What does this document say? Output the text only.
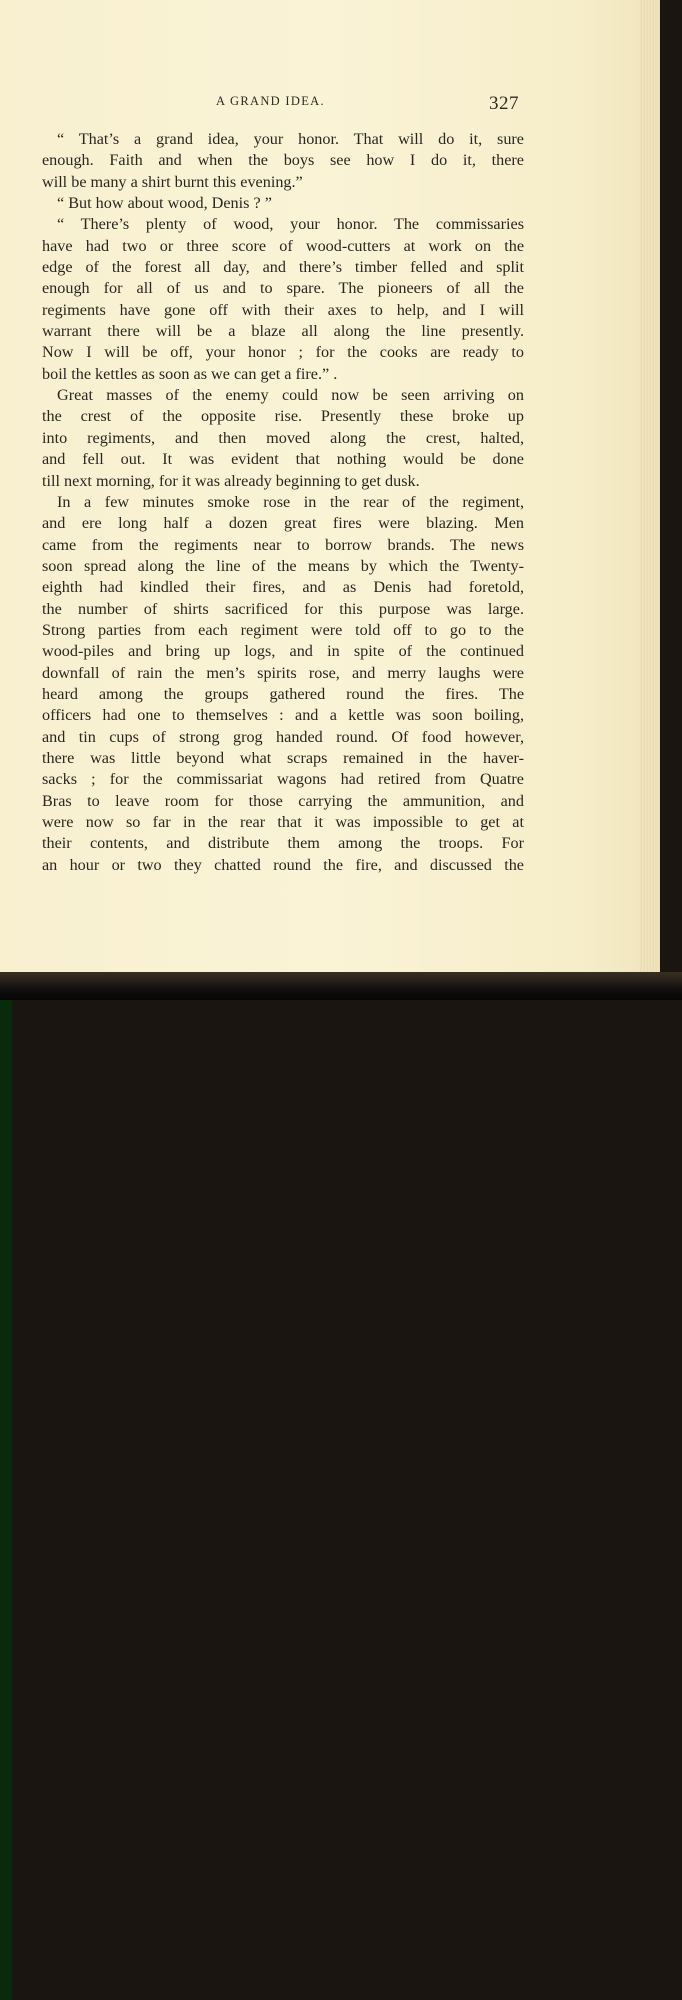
A GRAND IDEA.	327
“ That’s a grand idea, your honor. That will do it, sure
enough. Faith and when the boys see how I do it, there
will be many a shirt burnt this evening.”
“ But how about wood, Denis ? ”
“ There’s plenty of wood, your honor. The commissaries
have had two or three score of wood-cutters at work on the
edge of the forest all day, and there’s timber felled and split
enough for all of us and to spare. The pioneers of all the
regiments have gone off with their axes to help, and I will
warrant there will be a blaze all along the line presently.
Now I will be off, your honor ; for the cooks are ready to
boil the kettles as soon as we can get a fire.” .
Great masses of the enemy could now be seen arriving on
the crest of the opposite rise. Presently these broke up
into regiments, and then moved along the crest, halted,
and fell out. It was evident that nothing would be done
till next morning, for it was already beginning to get dusk.
In a few minutes smoke rose in the rear of the regiment,
and ere long half a dozen great fires were blazing. Men
came from the regiments near to borrow brands. The news
soon spread along the line of the means by which the Twenty-
eighth had kindled their fires, and as Denis had foretold,
the number of shirts sacrificed for this purpose was large.
Strong parties from each regiment were told off to go to the
wood-piles and bring up logs, and in spite of the continued
downfall of rain the men’s spirits rose, and merry laughs were
heard among the groups gathered round the fires. The
officers had one to themselves : and a kettle was soon boiling,
and tin cups of strong grog handed round. Of food however,
there was little beyond what scraps remained in the haver-
sacks ; for the commissariat wagons had retired from Quatre
Bras to leave room for those carrying the ammunition, and
were now so far in the rear that it was impossible to get at
their contents, and distribute them among the troops. For
an hour or two they chatted round the fire, and discussed the
